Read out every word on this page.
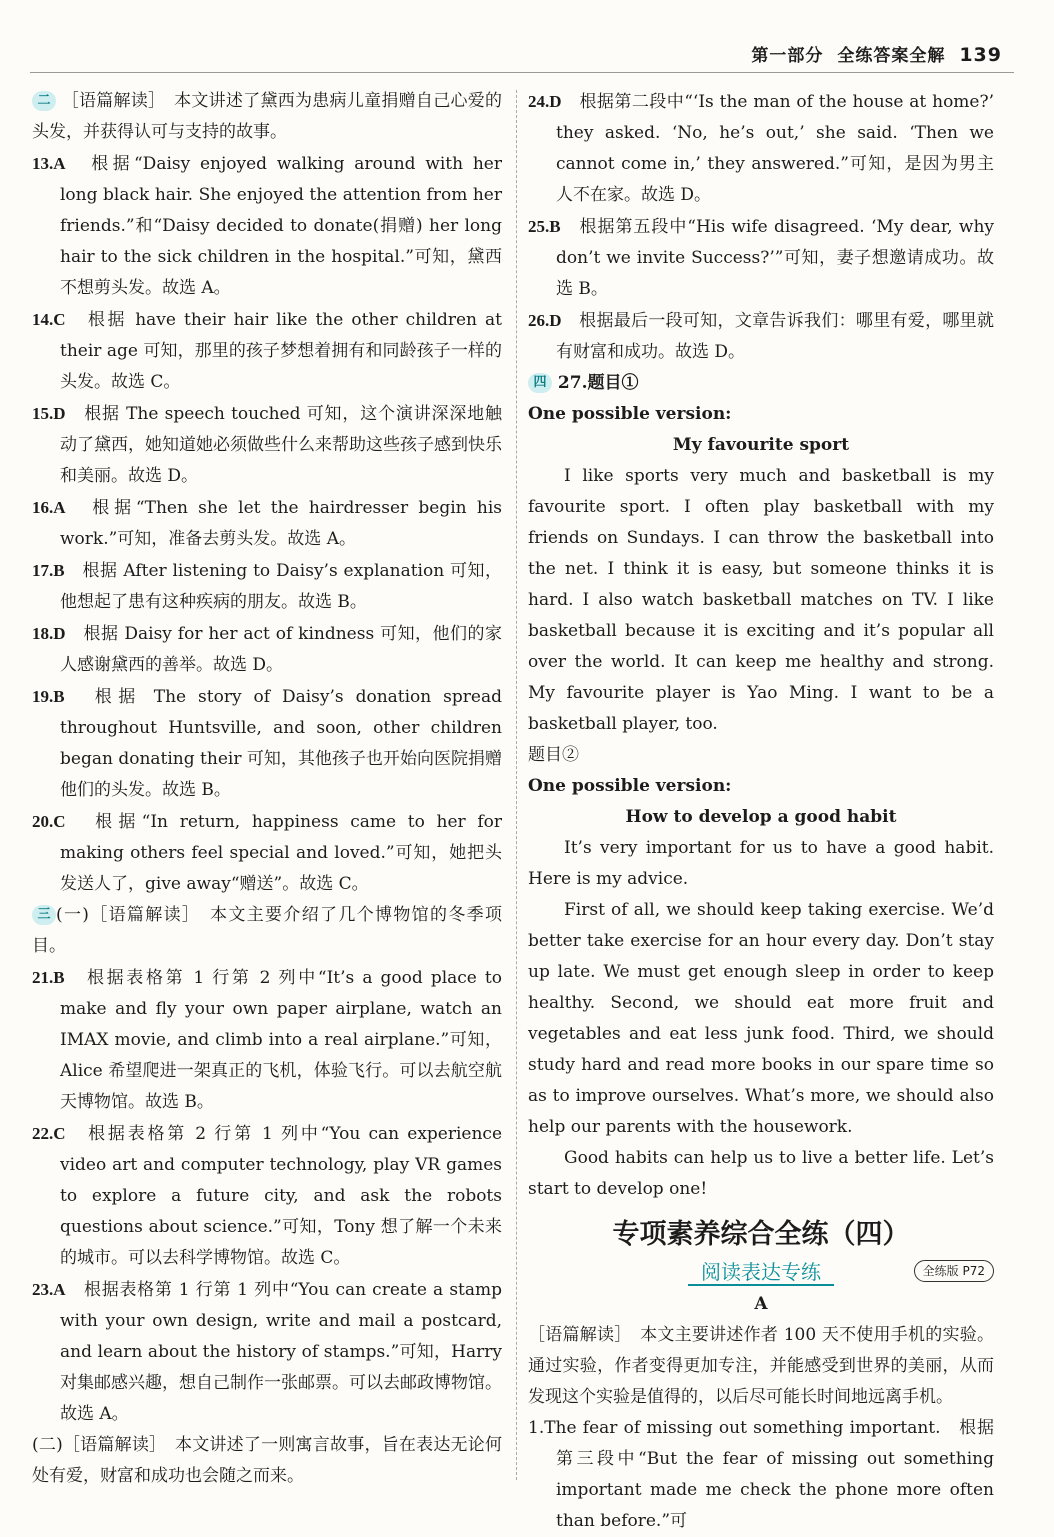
第一部分 全练答案全解 139

二 ［语篇解读］　本文讲述了黛西为患病儿童捐赠自己心爱的头发，并获得认可与支持的故事。

13.A　 根据“Daisy enjoyed walking around with her long black hair. She enjoyed the attention from her friends.”和“Daisy decided to donate(捐赠) her long hair to the sick children in the hospital.”可知，黛西不想剪头发。故选 A。

14.C　 根据 have their hair like the other children at their age 可知，那里的孩子梦想着拥有和同龄孩子一样的头发。故选 C。

15.D　 根据 The speech touched 可知，这个演讲深深地触动了黛西，她知道她必须做些什么来帮助这些孩子感到快乐和美丽。故选 D。

16.A　 根据“Then she let the hairdresser begin his work.”可知，准备去剪头发。故选 A。

17.B　 根据 After listening to Daisy’s explanation 可知，他想起了患有这种疾病的朋友。故选 B。

18.D　 根据 Daisy for her act of kindness 可知，他们的家人感谢黛西的善举。故选 D。

19.B　 根据 The story of Daisy’s donation spread throughout Huntsville, and soon, other children began donating their 可知，其他孩子也开始向医院捐赠他们的头发。故选 B。

20.C　 根据“In return, happiness came to her for making others feel special and loved.”可知，她把头发送人了，give away“赠送”。故选 C。

三 (一)［语篇解读］　本文主要介绍了几个博物馆的冬季项目。

21.B　 根据表格第 1 行第 2 列中“It’s a good place to make and fly your own paper airplane, watch an IMAX movie, and climb into a real airplane.”可知，Alice 希望爬进一架真正的飞机，体验飞行。可以去航空航天博物馆。故选 B。

22.C　 根据表格第 2 行第 1 列中“You can experience video art and computer technology, play VR games to explore a future city, and ask the robots questions about science.”可知，Tony 想了解一个未来的城市。可以去科学博物馆。故选 C。

23.A　 根据表格第 1 行第 1 列中“You can create a stamp with your own design, write and mail a postcard, and learn about the history of stamps.”可知，Harry 对集邮感兴趣，想自己制作一张邮票。可以去邮政博物馆。故选 A。

(二)［语篇解读］　本文讲述了一则寓言故事，旨在表达无论何处有爱，财富和成功也会随之而来。

24.D　 根据第二段中“‘Is the man of the house at home?’ they asked. ‘No, he’s out,’ she said. ‘Then we cannot come in,’ they answered.”可知，是因为男主人不在家。故选 D。

25.B　 根据第五段中“His wife disagreed. ‘My dear, why don’t we invite Success?’”可知，妻子想邀请成功。故选 B。

26.D　 根据最后一段可知，文章告诉我们：哪里有爱，哪里就有财富和成功。故选 D。

四 27.题目①

One possible version:

My favourite sport

I like sports very much and basketball is my favourite sport. I often play basketball with my friends on Sundays. I can throw the basketball into the net. I think it is easy, but someone thinks it is hard. I also watch basketball matches on TV. I like basketball because it is exciting and it’s popular all over the world. It can keep me healthy and strong. My favourite player is Yao Ming. I want to be a basketball player, too.

题目②

One possible version:

How to develop a good habit

It’s very important for us to have a good habit. Here is my advice.

First of all, we should keep taking exercise. We’d better take exercise for an hour every day. Don’t stay up late. We must get enough sleep in order to keep healthy. Second, we should eat more fruit and vegetables and eat less junk food. Third, we should study hard and read more books in our spare time so as to improve ourselves. What’s more, we should also help our parents with the housework.

Good habits can help us to live a better life. Let’s start to develop one!

专项素养综合全练（四）
阅读表达专练	全练版 P72

A

［语篇解读］　本文主要讲述作者 100 天不使用手机的实验。通过实验，作者变得更加专注，并能感受到世界的美丽，从而发现这个实验是值得的，以后尽可能长时间地远离手机。

1.The fear of missing out something important.　根据第三段中“But the fear of missing out something important made me check the phone more often than before.”可
